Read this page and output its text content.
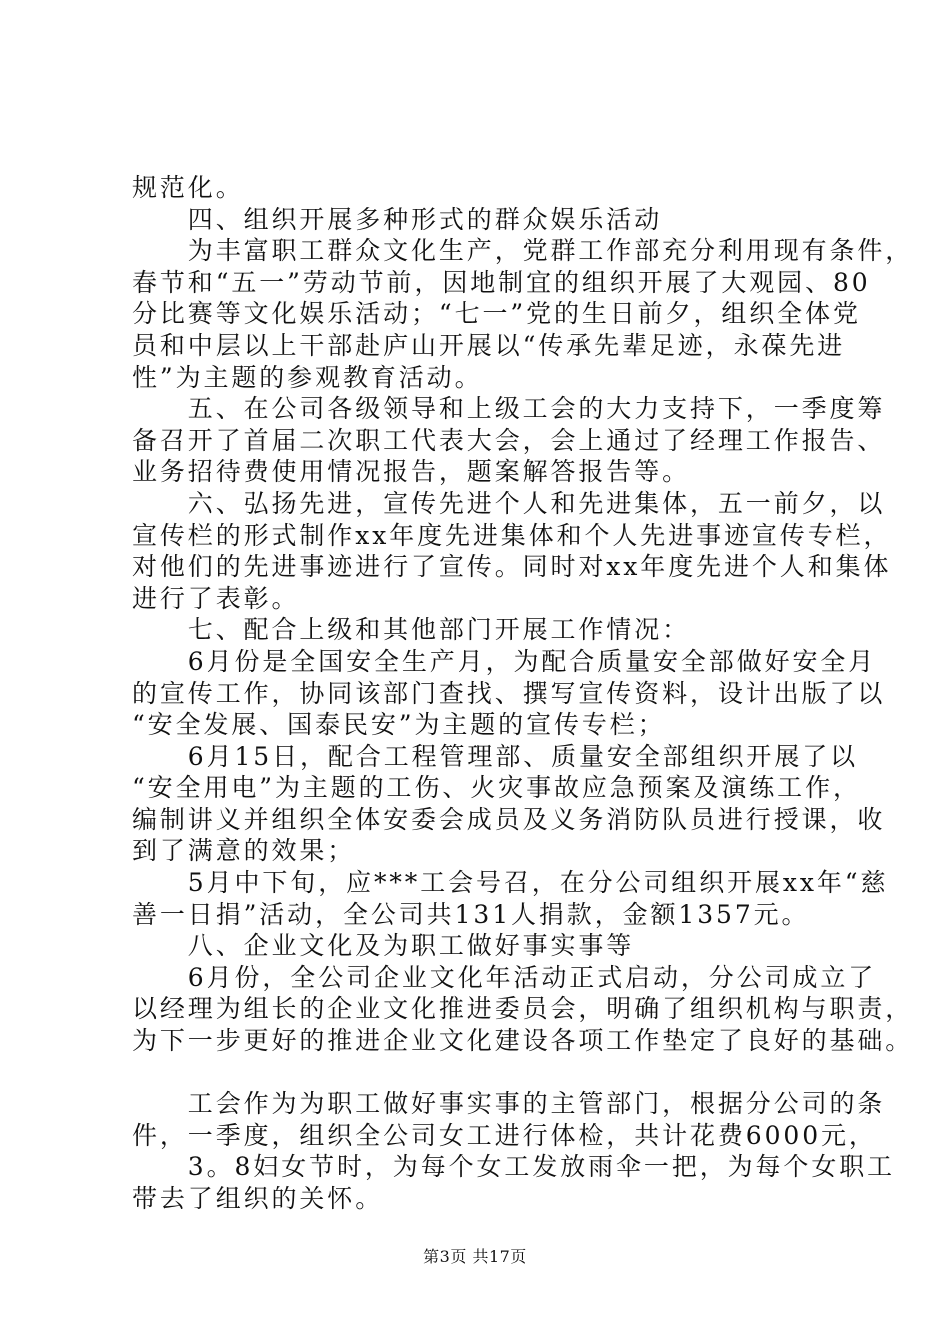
规范化。
　　四、组织开展多种形式的群众娱乐活动
　　为丰富职工群众文化生产，党群工作部充分利用现有条件，
春节和“五一”劳动节前，因地制宜的组织开展了大观园、80
分比赛等文化娱乐活动；“七一”党的生日前夕，组织全体党
员和中层以上干部赴庐山开展以“传承先辈足迹，永葆先进
性”为主题的参观教育活动。
　　五、在公司各级领导和上级工会的大力支持下，一季度筹
备召开了首届二次职工代表大会，会上通过了经理工作报告、
业务招待费使用情况报告，题案解答报告等。
　　六、弘扬先进，宣传先进个人和先进集体，五一前夕，以
宣传栏的形式制作xx年度先进集体和个人先进事迹宣传专栏，
对他们的先进事迹进行了宣传。同时对xx年度先进个人和集体
进行了表彰。
　　七、配合上级和其他部门开展工作情况：
　　6月份是全国安全生产月，为配合质量安全部做好安全月
的宣传工作，协同该部门查找、撰写宣传资料，设计出版了以
“安全发展、国泰民安”为主题的宣传专栏；
　　6月15日，配合工程管理部、质量安全部组织开展了以
“安全用电”为主题的工伤、火灾事故应急预案及演练工作，
编制讲义并组织全体安委会成员及义务消防队员进行授课，收
到了满意的效果；
　　5月中下旬，应***工会号召，在分公司组织开展xx年“慈
善一日捐”活动，全公司共131人捐款，金额1357元。
　　八、企业文化及为职工做好事实事等
　　6月份，全公司企业文化年活动正式启动，分公司成立了
以经理为组长的企业文化推进委员会，明确了组织机构与职责，
为下一步更好的推进企业文化建设各项工作垫定了良好的基础。
　　工会作为为职工做好事实事的主管部门，根据分公司的条
件，一季度，组织全公司女工进行体检，共计花费6000元，
　　3。8妇女节时，为每个女工发放雨伞一把，为每个女职工
带去了组织的关怀。
第3页 共17页
